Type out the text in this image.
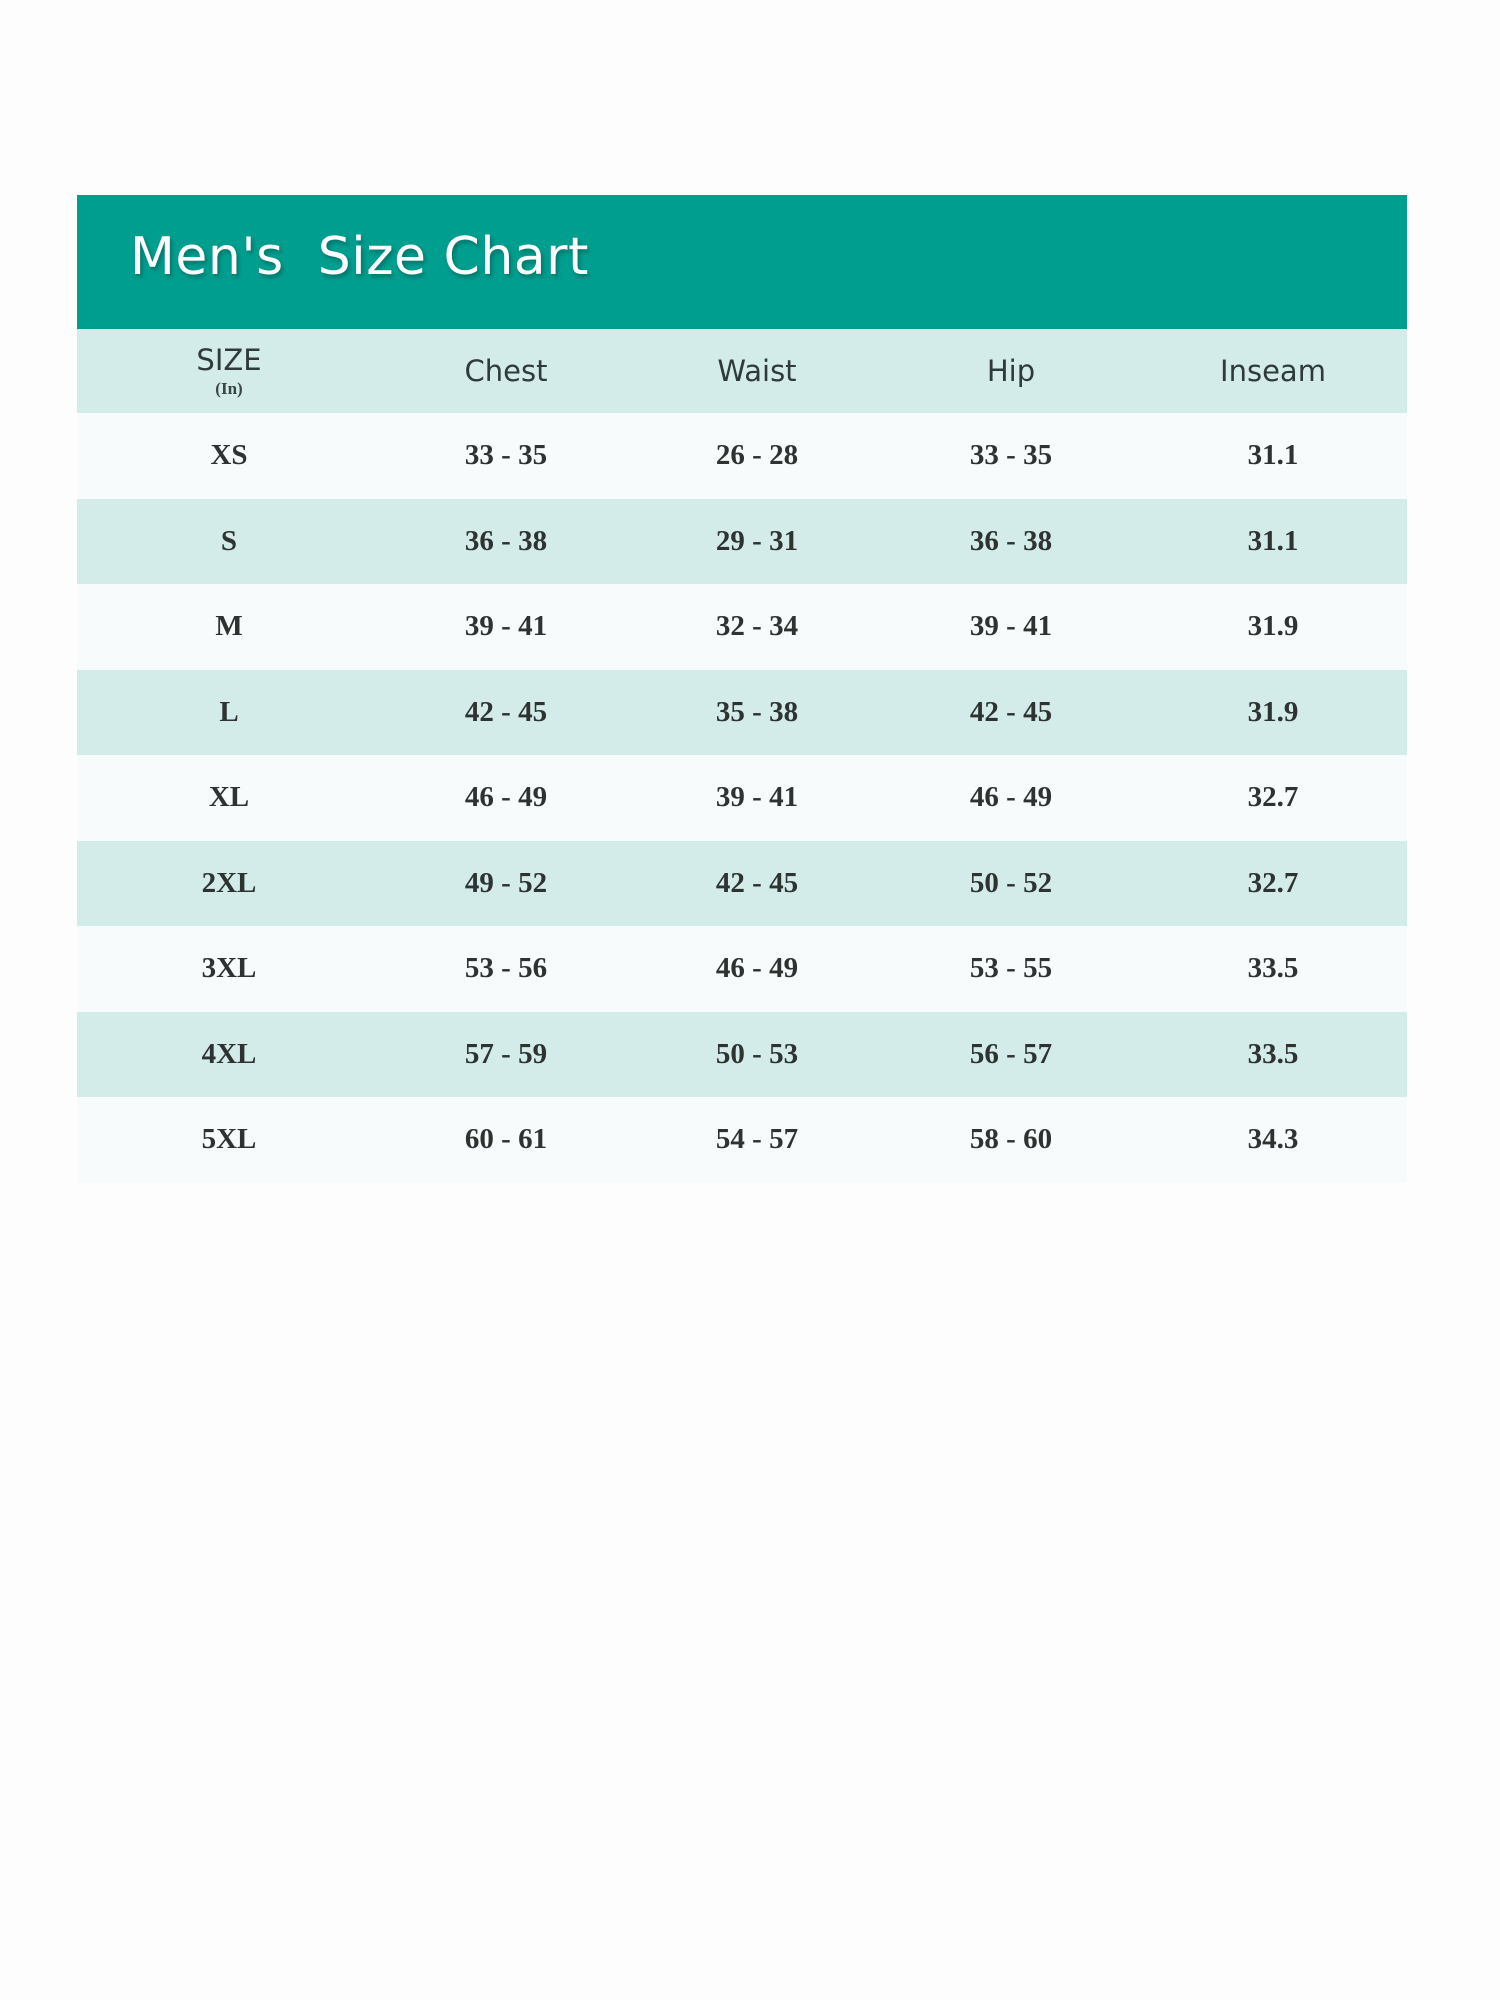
Men's  Size Chart
SIZE
(In)
Chest	Waist	Hip	Inseam
XS	33 - 35	26 - 28	33 - 35	31.1
S	36 - 38	29 - 31	36 - 38	31.1
M	39 - 41	32 - 34	39 - 41	31.9
L	42 - 45	35 - 38	42 - 45	31.9
XL	46 - 49	39 - 41	46 - 49	32.7
2XL	49 - 52	42 - 45	50 - 52	32.7
3XL	53 - 56	46 - 49	53 - 55	33.5
4XL	57 - 59	50 - 53	56 - 57	33.5
5XL	60 - 61	54 - 57	58 - 60	34.3
